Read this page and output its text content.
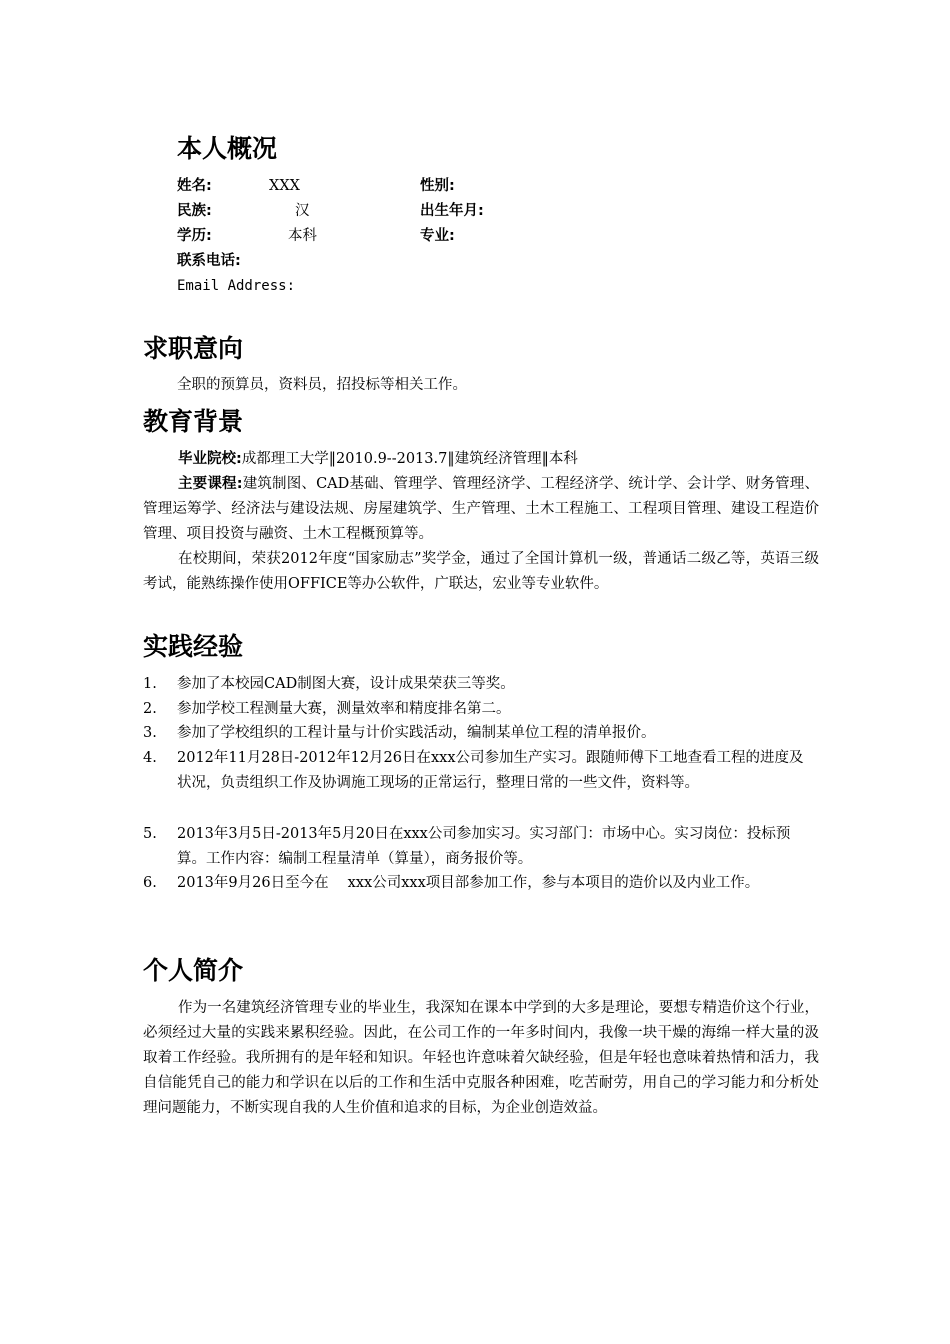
本人概况
姓名:	XXX	性别:
民族:	汉	出生年月:
学历:	本科	专业:
联系电话:
Email Address:
求职意向
全职的预算员，资料员，招投标等相关工作。
教育背景
毕业院校:成都理工大学‖2010.9--2013.7‖建筑经济管理‖本科
主要课程:建筑制图、CAD基础、管理学、管理经济学、工程经济学、统计学、会计学、财务管理、管理运筹学、经济法与建设法规、房屋建筑学、生产管理、土木工程施工、工程项目管理、建设工程造价管理、项目投资与融资、土木工程概预算等。
在校期间，荣获2012年度“国家励志”奖学金，通过了全国计算机一级，普通话二级乙等，英语三级考试，能熟练操作使用OFFICE等办公软件，广联达，宏业等专业软件。
实践经验
1.	参加了本校园CAD制图大赛，设计成果荣获三等奖。
2.	参加学校工程测量大赛，测量效率和精度排名第二。
3.	参加了学校组织的工程计量与计价实践活动，编制某单位工程的清单报价。
4.	2012年11月28日-2012年12月26日在xxx公司参加生产实习。跟随师傅下工地查看工程的进度及状况，负责组织工作及协调施工现场的正常运行，整理日常的一些文件，资料等。
5.	2013年3月5日-2013年5月20日在xxx公司参加实习。实习部门：市场中心。实习岗位：投标预算。工作内容：编制工程量清单（算量），商务报价等。
6.	2013年9月26日至今在　 xxx公司xxx项目部参加工作，参与本项目的造价以及内业工作。
个人简介
作为一名建筑经济管理专业的毕业生，我深知在课本中学到的大多是理论，要想专精造价这个行业，必须经过大量的实践来累积经验。因此，在公司工作的一年多时间内，我像一块干燥的海绵一样大量的汲取着工作经验。我所拥有的是年轻和知识。年轻也许意味着欠缺经验，但是年轻也意味着热情和活力，我自信能凭自己的能力和学识在以后的工作和生活中克服各种困难，吃苦耐劳，用自己的学习能力和分析处理问题能力，不断实现自我的人生价值和追求的目标，为企业创造效益。
